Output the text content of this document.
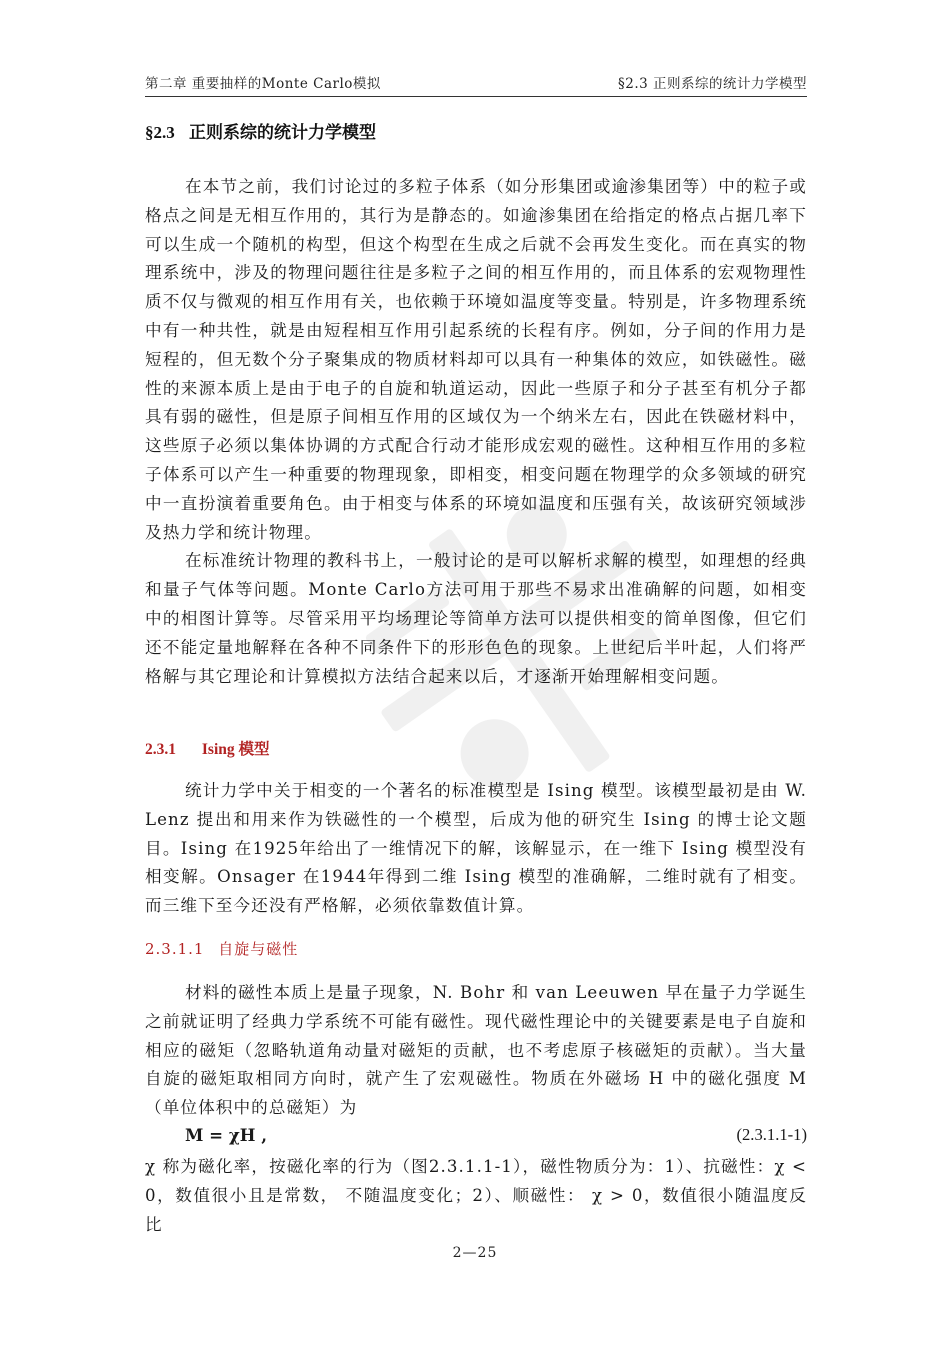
第二章 重要抽样的Monte Carlo模拟	§2.3 正则系综的统计力学模型
§2.3 正则系综的统计力学模型

在本节之前，我们讨论过的多粒子体系（如分形集团或逾渗集团等）中的粒子或格点之间是无相互作用的，其行为是静态的。如逾渗集团在给指定的格点占据几率下可以生成一个随机的构型，但这个构型在生成之后就不会再发生变化。而在真实的物理系统中，涉及的物理问题往往是多粒子之间的相互作用的，而且体系的宏观物理性质不仅与微观的相互作用有关，也依赖于环境如温度等变量。特别是，许多物理系统中有一种共性，就是由短程相互作用引起系统的长程有序。例如，分子间的作用力是短程的，但无数个分子聚集成的物质材料却可以具有一种集体的效应，如铁磁性。磁性的来源本质上是由于电子的自旋和轨道运动，因此一些原子和分子甚至有机分子都具有弱的磁性，但是原子间相互作用的区域仅为一个纳米左右，因此在铁磁材料中，这些原子必须以集体协调的方式配合行动才能形成宏观的磁性。这种相互作用的多粒子体系可以产生一种重要的物理现象，即相变，相变问题在物理学的众多领域的研究中一直扮演着重要角色。由于相变与体系的环境如温度和压强有关，故该研究领域涉及热力学和统计物理。

在标准统计物理的教科书上，一般讨论的是可以解析求解的模型，如理想的经典和量子气体等问题。Monte Carlo方法可用于那些不易求出准确解的问题，如相变中的相图计算等。尽管采用平均场理论等简单方法可以提供相变的简单图像，但它们还不能定量地解释在各种不同条件下的形形色色的现象。上世纪后半叶起，人们将严格解与其它理论和计算模拟方法结合起来以后，才逐渐开始理解相变问题。

2.3.1 Ising 模型

统计力学中关于相变的一个著名的标准模型是 Ising 模型。该模型最初是由 W. Lenz 提出和用来作为铁磁性的一个模型，后成为他的研究生 Ising 的博士论文题目。Ising 在1925年给出了一维情况下的解，该解显示，在一维下 Ising 模型没有相变解。Onsager 在1944年得到二维 Ising 模型的准确解，二维时就有了相变。而三维下至今还没有严格解，必须依靠数值计算。

2.3.1.1 自旋与磁性

材料的磁性本质上是量子现象，N. Bohr 和 van Leeuwen 早在量子力学诞生之前就证明了经典力学系统不可能有磁性。现代磁性理论中的关键要素是电子自旋和相应的磁矩（忽略轨道角动量对磁矩的贡献，也不考虑原子核磁矩的贡献）。当大量自旋的磁矩取相同方向时，就产生了宏观磁性。物质在外磁场 H 中的磁化强度 M （单位体积中的总磁矩）为

M = χH ,	(2.3.1.1-1)

χ 称为磁化率，按磁化率的行为（图2.3.1.1-1），磁性物质分为：1）、抗磁性：χ < 0，数值很小且是常数， 不随温度变化；2）、顺磁性： χ > 0，数值很小随温度反比

2—25
